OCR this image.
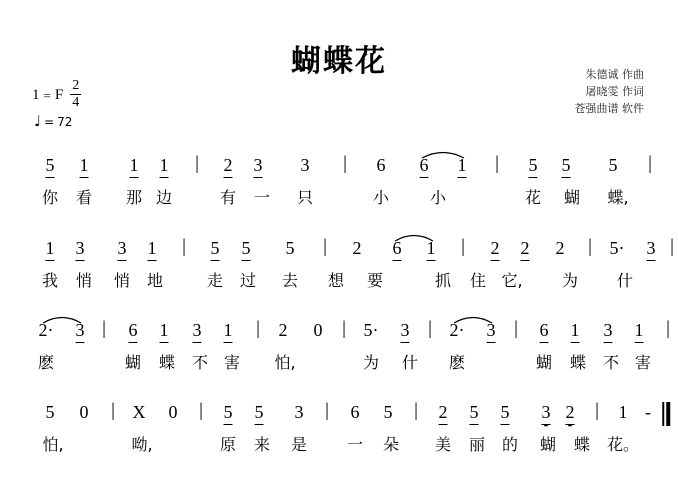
蝴蝶花	朱德诚 作曲
屠晓雯 作词
苍强曲谱 软件
1 = F $\frac{2}{4}$
♩ = 72
5 1 1 1 | 2 3 3 | 6 6 1 | 5 5 5 |
你 看 那 边	有 一 只	小	小	花 蝴 蝶,
1 3 3 1 | 5 5 5 | 2 6 1 | 2 2 2 | 5· 3 |
我 悄 悄 地	走 过 去 想 要	抓 住 它, 为 什
2· 3 | 6 1 3 1 | 2 0 | 5· 3 | 2· 3 | 6 1 3 1 |
麽	蝴 蝶 不 害 怕,	为 什 麽	蝴 蝶 不 害
5 0 | X 0 | 5 5 3 | 6 5 | 2 5 5 3 2 | 1 -
怕,	呦,	原 来 是 一 朵 美 丽 的 蝴 蝶 花。
